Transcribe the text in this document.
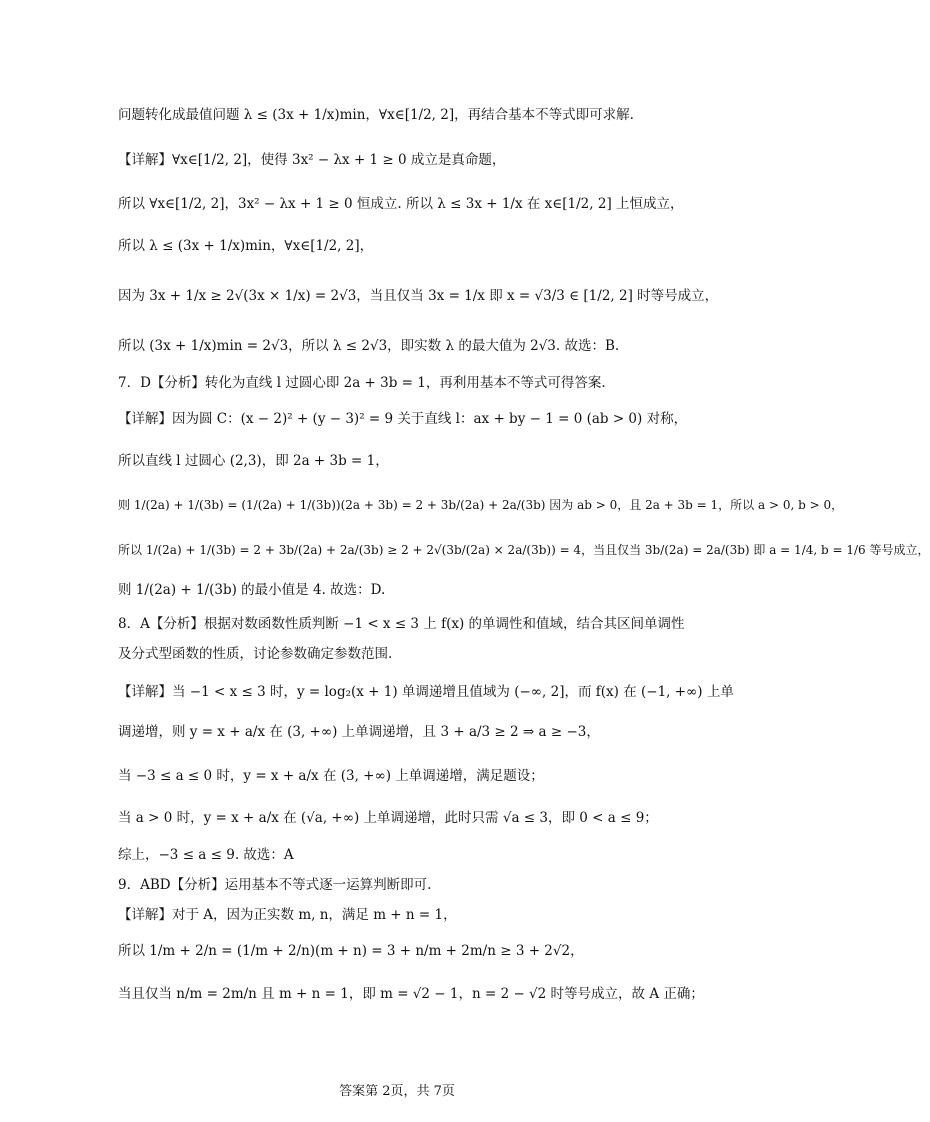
问题转化成最值问题 λ ≤ (3x + 1/x)min，∀x∈[1/2, 2]，再结合基本不等式即可求解.
【详解】∀x∈[1/2, 2]，使得 3x² − λx + 1 ≥ 0 成立是真命题，
所以 ∀x∈[1/2, 2]，3x² − λx + 1 ≥ 0 恒成立. 所以 λ ≤ 3x + 1/x 在 x∈[1/2, 2] 上恒成立，
所以 λ ≤ (3x + 1/x)min，∀x∈[1/2, 2]，
因为 3x + 1/x ≥ 2√(3x × 1/x) = 2√3，当且仅当 3x = 1/x 即 x = √3/3 ∈ [1/2, 2] 时等号成立，
所以 (3x + 1/x)min = 2√3，所以 λ ≤ 2√3，即实数 λ 的最大值为 2√3. 故选：B.
7．D【分析】转化为直线 l 过圆心即 2a + 3b = 1，再利用基本不等式可得答案.
【详解】因为圆 C：(x − 2)² + (y − 3)² = 9 关于直线 l：ax + by − 1 = 0 (ab > 0) 对称，
所以直线 l 过圆心 (2,3)，即 2a + 3b = 1，
则 1/(2a) + 1/(3b) = (1/(2a) + 1/(3b))(2a + 3b) = 2 + 3b/(2a) + 2a/(3b) 因为 ab > 0，且 2a + 3b = 1，所以 a > 0, b > 0，
所以 1/(2a) + 1/(3b) = 2 + 3b/(2a) + 2a/(3b) ≥ 2 + 2√(3b/(2a) × 2a/(3b)) = 4，当且仅当 3b/(2a) = 2a/(3b) 即 a = 1/4, b = 1/6 等号成立，
则 1/(2a) + 1/(3b) 的最小值是 4. 故选：D.
8．A【分析】根据对数函数性质判断 −1 < x ≤ 3 上 f(x) 的单调性和值域，结合其区间单调性
及分式型函数的性质，讨论参数确定参数范围.
【详解】当 −1 < x ≤ 3 时，y = log₂(x + 1) 单调递增且值域为 (−∞, 2]，而 f(x) 在 (−1, +∞) 上单
调递增，则 y = x + a/x 在 (3, +∞) 上单调递增，且 3 + a/3 ≥ 2 ⇒ a ≥ −3，
当 −3 ≤ a ≤ 0 时，y = x + a/x 在 (3, +∞) 上单调递增，满足题设；
当 a > 0 时，y = x + a/x 在 (√a, +∞) 上单调递增，此时只需 √a ≤ 3，即 0 < a ≤ 9；
综上，−3 ≤ a ≤ 9. 故选：A
9．ABD【分析】运用基本不等式逐一运算判断即可.
【详解】对于 A，因为正实数 m, n，满足 m + n = 1，
所以 1/m + 2/n = (1/m + 2/n)(m + n) = 3 + n/m + 2m/n ≥ 3 + 2√2，
当且仅当 n/m = 2m/n 且 m + n = 1，即 m = √2 − 1，n = 2 − √2 时等号成立，故 A 正确；
答案第 2页，共 7页
